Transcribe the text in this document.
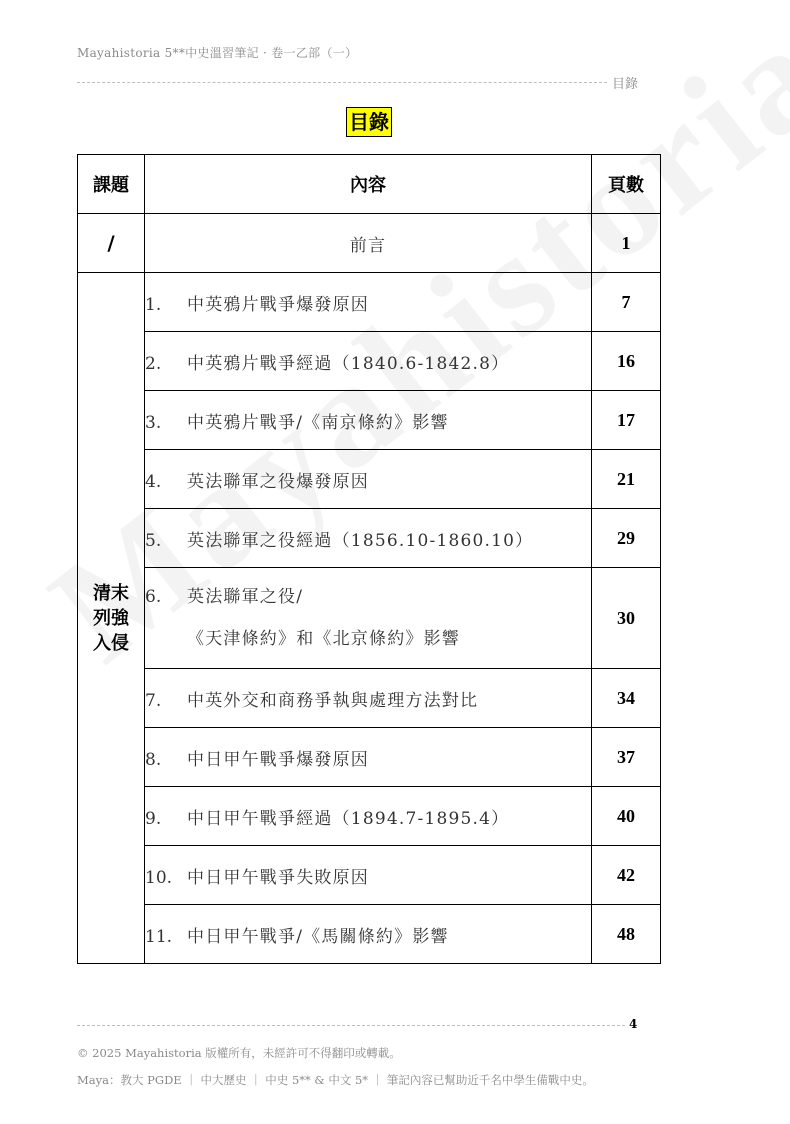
Mayahistoria 5**中史溫習筆記 · 卷一乙部（一）
目錄
目錄
課題	內容	頁數
/	前言	1

清末
列強
入侵	1. 中英鴉片戰爭爆發原因	7

	2. 中英鴉片戰爭經過（1840.6-1842.8）	16

	3. 中英鴉片戰爭/《南京條約》影響	17

	4. 英法聯軍之役爆發原因	21

	5. 英法聯軍之役經過（1856.10-1860.10）	29

	6. 英法聯軍之役/
《天津條約》和《北京條約》影響	30

	7. 中英外交和商務爭執與處理方法對比	34

	8. 中日甲午戰爭爆發原因	37

	9. 中日甲午戰爭經過（1894.7-1895.4）	40

	10. 中日甲午戰爭失敗原因	42

	11. 中日甲午戰爭/《馬關條約》影響	48
4
© 2025 Mayahistoria 版權所有，未經許可不得翻印或轉載。
Maya：教大 PGDE ｜ 中大歷史 ｜ 中史 5** & 中文 5* ｜ 筆記內容已幫助近千名中學生備戰中史。
